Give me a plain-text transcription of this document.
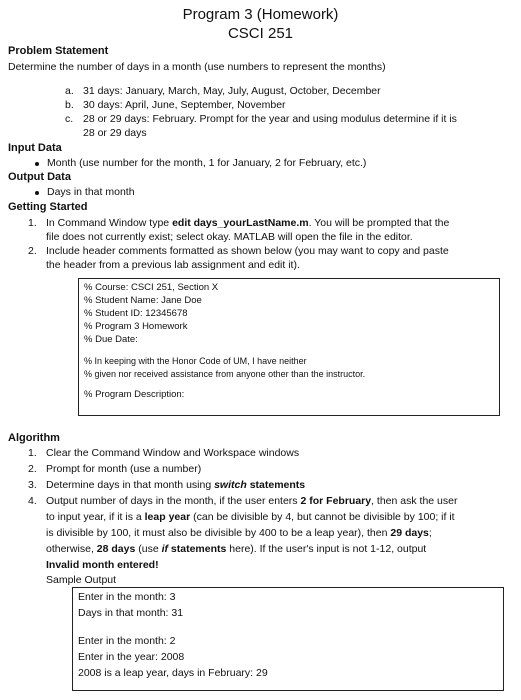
Program 3 (Homework)
CSCI 251
Problem Statement
Determine the number of days in a month (use numbers to represent the months)
a. 31 days: January, March, May, July, August, October, December
b. 30 days: April, June, September, November
c. 28 or 29 days: February. Prompt for the year and using modulus determine if it is
28 or 29 days
Input Data
Month (use number for the month, 1 for January, 2 for February, etc.)
Output Data
Days in that month
Getting Started
1. In Command Window type edit days_yourLastName.m. You will be prompted that the
file does not currently exist; select okay. MATLAB will open the file in the editor.
2. Include header comments formatted as shown below (you may want to copy and paste
the header from a previous lab assignment and edit it).
% Course: CSCI 251, Section X
% Student Name: Jane Doe
% Student ID: 12345678
% Program 3 Homework
% Due Date:
% In keeping with the Honor Code of UM, I have neither
% given nor received assistance from anyone other than the instructor.
% Program Description:
Algorithm
1. Clear the Command Window and Workspace windows
2. Prompt for month (use a number)
3. Determine days in that month using switch statements
4. Output number of days in the month, if the user enters 2 for February, then ask the user
to input year, if it is a leap year (can be divisible by 4, but cannot be divisible by 100; if it
is divisible by 100, it must also be divisible by 400 to be a leap year), then 29 days;
otherwise, 28 days (use if statements here). If the user's input is not 1-12, output
Invalid month entered!
Sample Output
Enter in the month: 3
Days in that month: 31
Enter in the month: 2
Enter in the year: 2008
2008 is a leap year, days in February: 29
